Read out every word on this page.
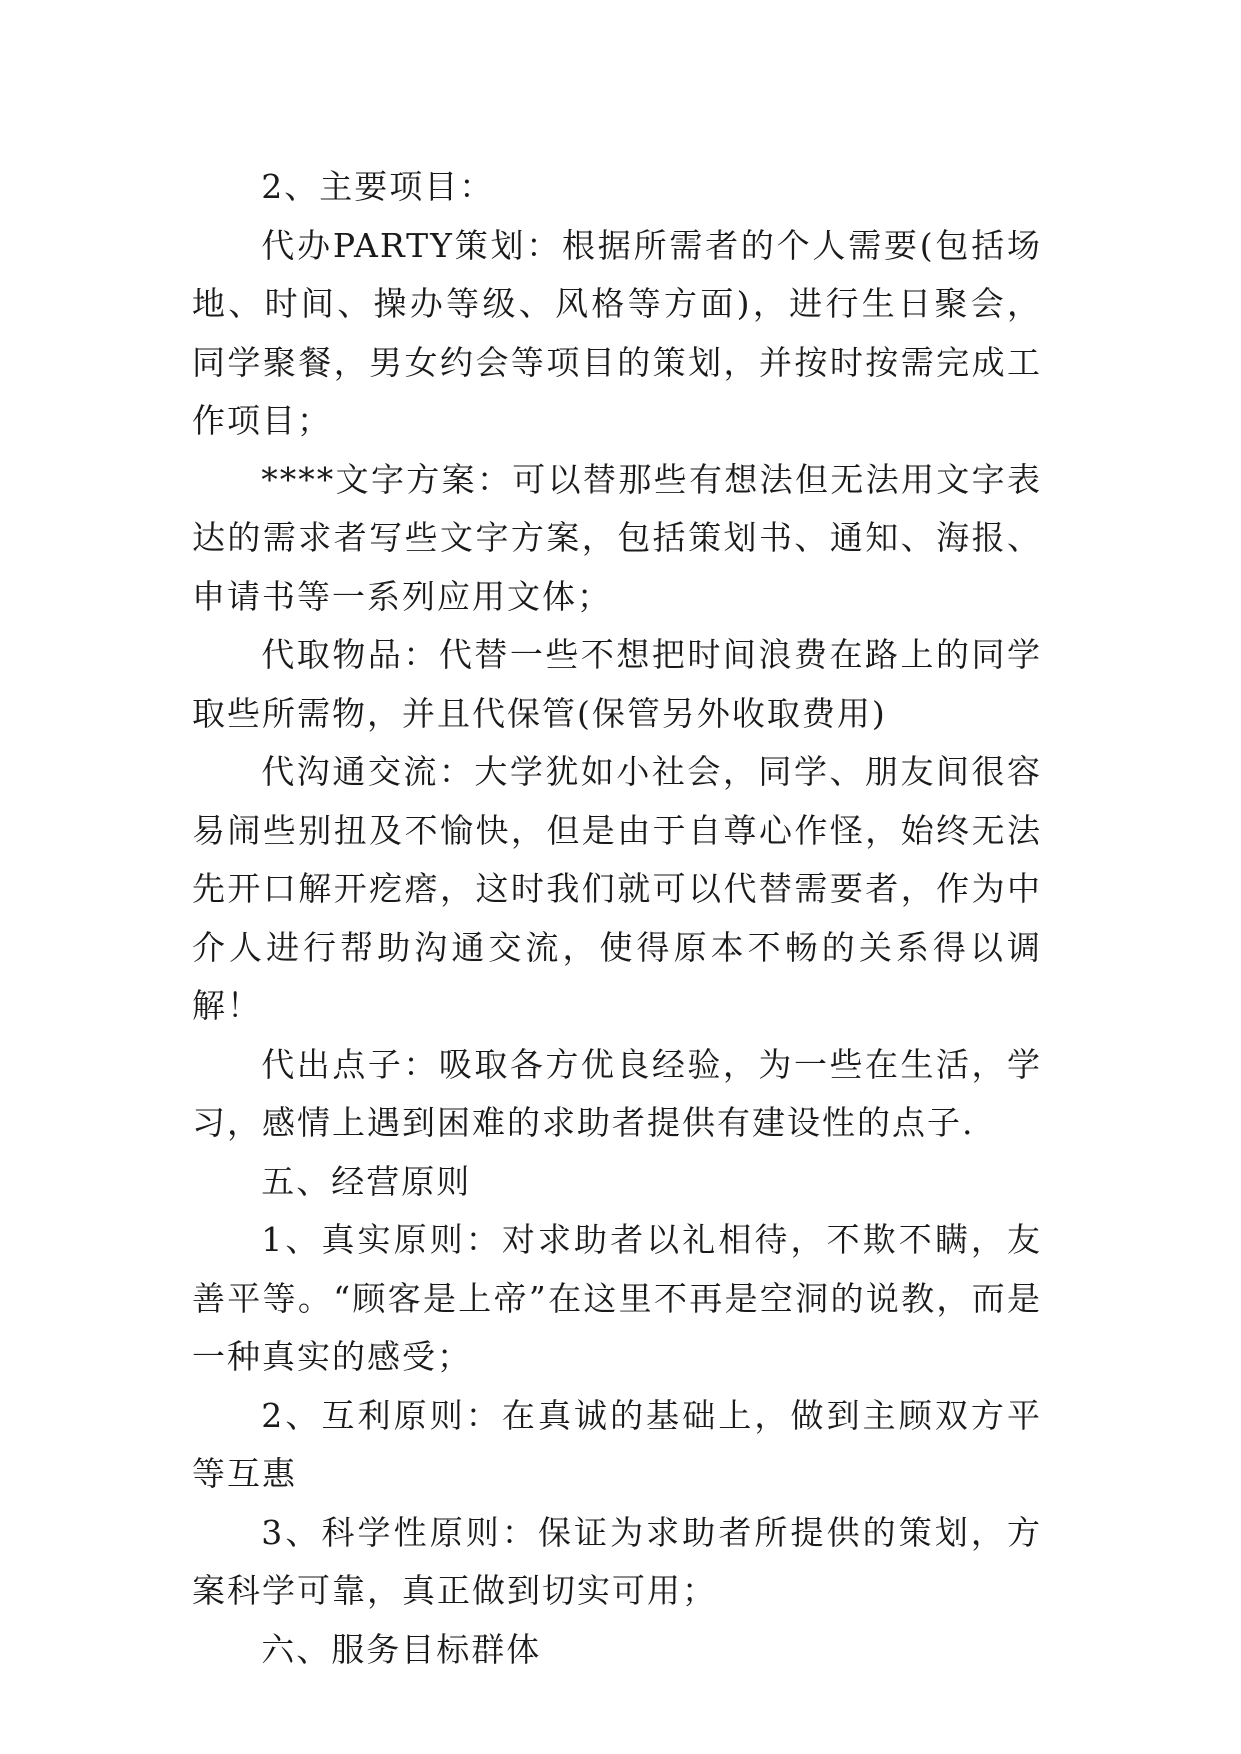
2、主要项目：

代办PARTY策划：根据所需者的个人需要(包括场地、时间、操办等级、风格等方面)，进行生日聚会，同学聚餐，男女约会等项目的策划，并按时按需完成工作项目；

****文字方案：可以替那些有想法但无法用文字表达的需求者写些文字方案，包括策划书、通知、海报、申请书等一系列应用文体；

代取物品：代替一些不想把时间浪费在路上的同学取些所需物，并且代保管(保管另外收取费用)

代沟通交流：大学犹如小社会，同学、朋友间很容易闹些别扭及不愉快，但是由于自尊心作怪，始终无法先开口解开疙瘩，这时我们就可以代替需要者，作为中介人进行帮助沟通交流，使得原本不畅的关系得以调解！

代出点子：吸取各方优良经验，为一些在生活，学习，感情上遇到困难的求助者提供有建设性的点子.

五、经营原则

1、真实原则：对求助者以礼相待，不欺不瞒，友善平等。“顾客是上帝”在这里不再是空洞的说教，而是一种真实的感受；

2、互利原则：在真诚的基础上，做到主顾双方平等互惠

3、科学性原则：保证为求助者所提供的策划，方案科学可靠，真正做到切实可用；

六、服务目标群体
